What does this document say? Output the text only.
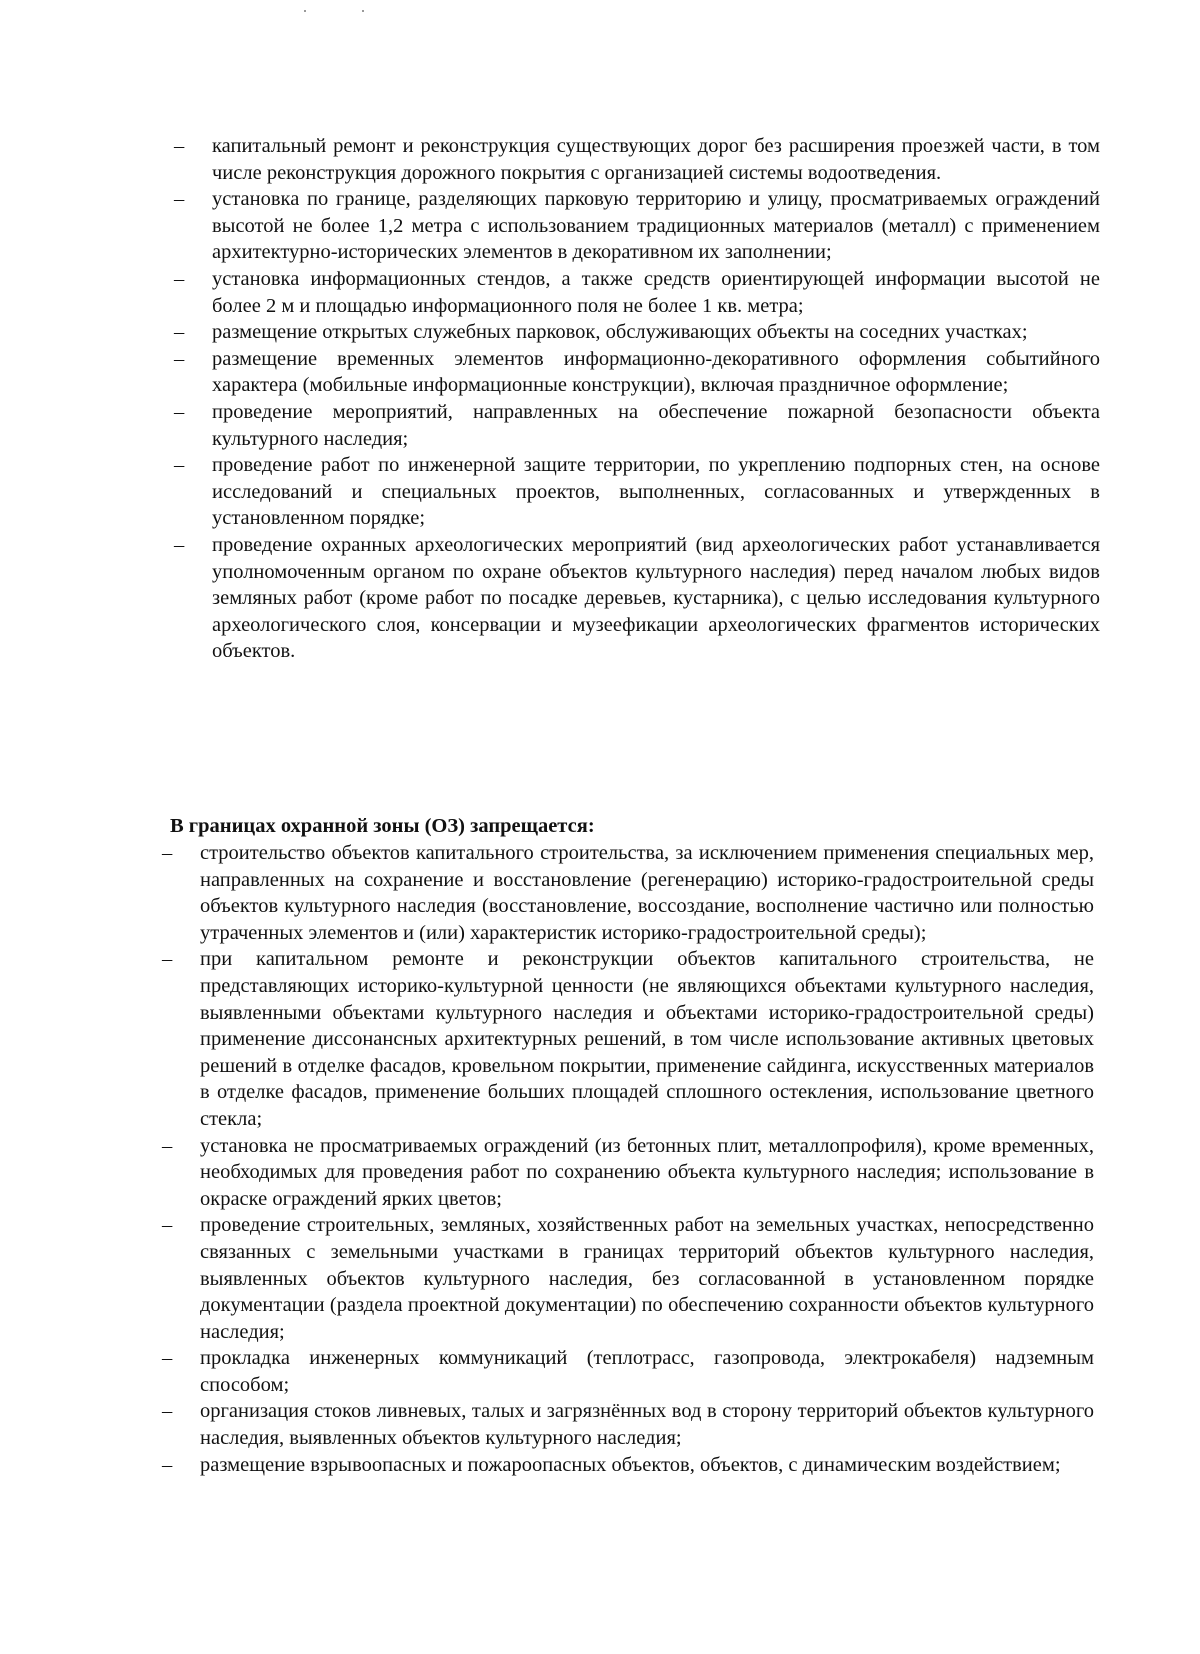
– капитальный ремонт и реконструкция существующих дорог без расширения проезжей части, в том числе реконструкция дорожного покрытия с организацией системы водоотведения.
– установка по границе, разделяющих парковую территорию и улицу, просматриваемых ограждений высотой не более 1,2 метра с использованием традиционных материалов (металл) с применением архитектурно-исторических элементов в декоративном их заполнении;
– установка информационных стендов, а также средств ориентирующей информации высотой не более 2 м и площадью информационного поля не более 1 кв. метра;
– размещение открытых служебных парковок, обслуживающих объекты на соседних участках;
– размещение временных элементов информационно-декоративного оформления событийного характера (мобильные информационные конструкции), включая праздничное оформление;
– проведение мероприятий, направленных на обеспечение пожарной безопасности объекта культурного наследия;
– проведение работ по инженерной защите территории, по укреплению подпорных стен, на основе исследований и специальных проектов, выполненных, согласованных и утвержденных в установленном порядке;
– проведение охранных археологических мероприятий (вид археологических работ устанавливается уполномоченным органом по охране объектов культурного наследия) перед началом любых видов земляных работ (кроме работ по посадке деревьев, кустарника), с целью исследования культурного археологического слоя, консервации и музеефикации археологических фрагментов исторических объектов.

В границах охранной зоны (ОЗ) запрещается:

– строительство объектов капитального строительства, за исключением применения специальных мер, направленных на сохранение и восстановление (регенерацию) историко-градостроительной среды объектов культурного наследия (восстановление, воссоздание, восполнение частично или полностью утраченных элементов и (или) характеристик историко-градостроительной среды);
– при капитальном ремонте и реконструкции объектов капитального строительства, не представляющих историко-культурной ценности (не являющихся объектами культурного наследия, выявленными объектами культурного наследия и объектами историко-градостроительной среды) применение диссонансных архитектурных решений, в том числе использование активных цветовых решений в отделке фасадов, кровельном покрытии, применение сайдинга, искусственных материалов в отделке фасадов, применение больших площадей сплошного остекления, использование цветного стекла;
– установка не просматриваемых ограждений (из бетонных плит, металлопрофиля), кроме временных, необходимых для проведения работ по сохранению объекта культурного наследия; использование в окраске ограждений ярких цветов;
– проведение строительных, земляных, хозяйственных работ на земельных участках, непосредственно связанных с земельными участками в границах территорий объектов культурного наследия, выявленных объектов культурного наследия, без согласованной в установленном порядке документации (раздела проектной документации) по обеспечению сохранности объектов культурного наследия;
– прокладка инженерных коммуникаций (теплотрасс, газопровода, электрокабеля) надземным способом;
– организация стоков ливневых, талых и загрязнённых вод в сторону территорий объектов культурного наследия, выявленных объектов культурного наследия;
– размещение взрывоопасных и пожароопасных объектов, объектов, с динамическим воздействием;
